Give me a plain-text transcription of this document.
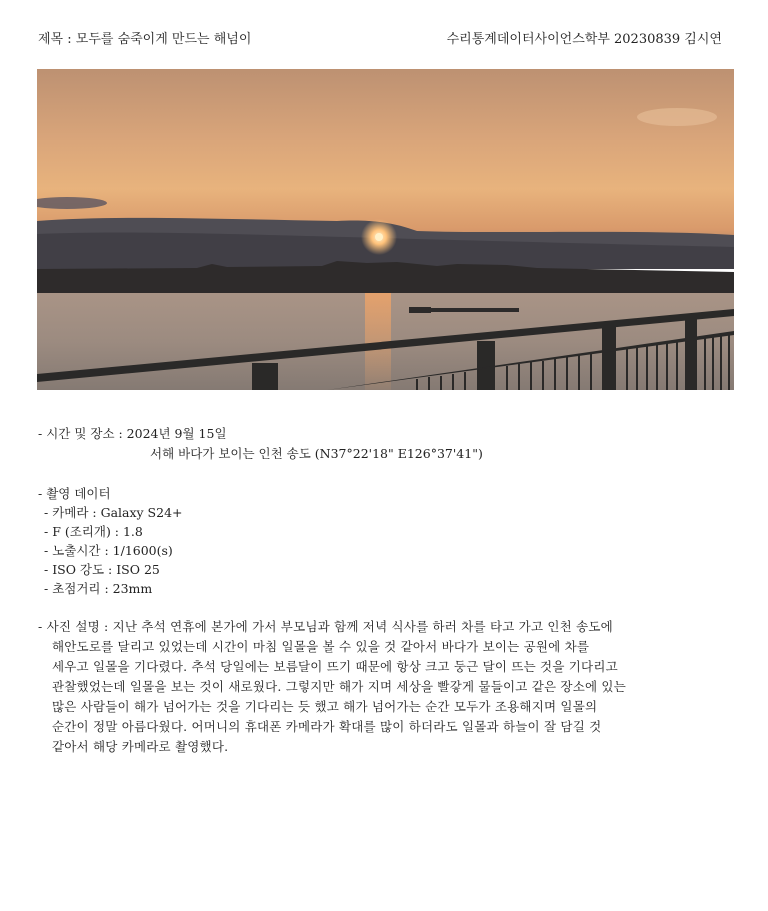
제목 : 모두를 숨죽이게 만드는 해넘이	수리통계데이터사이언스학부 20230839 김시연
- 시간 및 장소 : 2024년 9월 15일
서해 바다가 보이는 인천 송도 (N37°22'18" E126°37'41")
- 촬영 데이터
- 카메라 : Galaxy S24+
- F (조리개) : 1.8
- 노출시간 : 1/1600(s)
- ISO 강도 : ISO 25
- 초점거리 : 23mm
- 사진 설명 : 지난 추석 연휴에 본가에 가서 부모님과 함께 저녁 식사를 하러 차를 타고 가고 인천 송도에
해안도로를 달리고 있었는데 시간이 마침 일몰을 볼 수 있을 것 같아서 바다가 보이는 공원에 차를
세우고 일몰을 기다렸다. 추석 당일에는 보름달이 뜨기 때문에 항상 크고 둥근 달이 뜨는 것을 기다리고
관찰했었는데 일몰을 보는 것이 새로웠다. 그렇지만 해가 지며 세상을 빨갛게 물들이고 같은 장소에 있는
많은 사람들이 해가 넘어가는 것을 기다리는 듯 했고 해가 넘어가는 순간 모두가 조용해지며 일몰의
순간이 정말 아름다웠다. 어머니의 휴대폰 카메라가 확대를 많이 하더라도 일몰과 하늘이 잘 담길 것
같아서 해당 카메라로 촬영했다.
